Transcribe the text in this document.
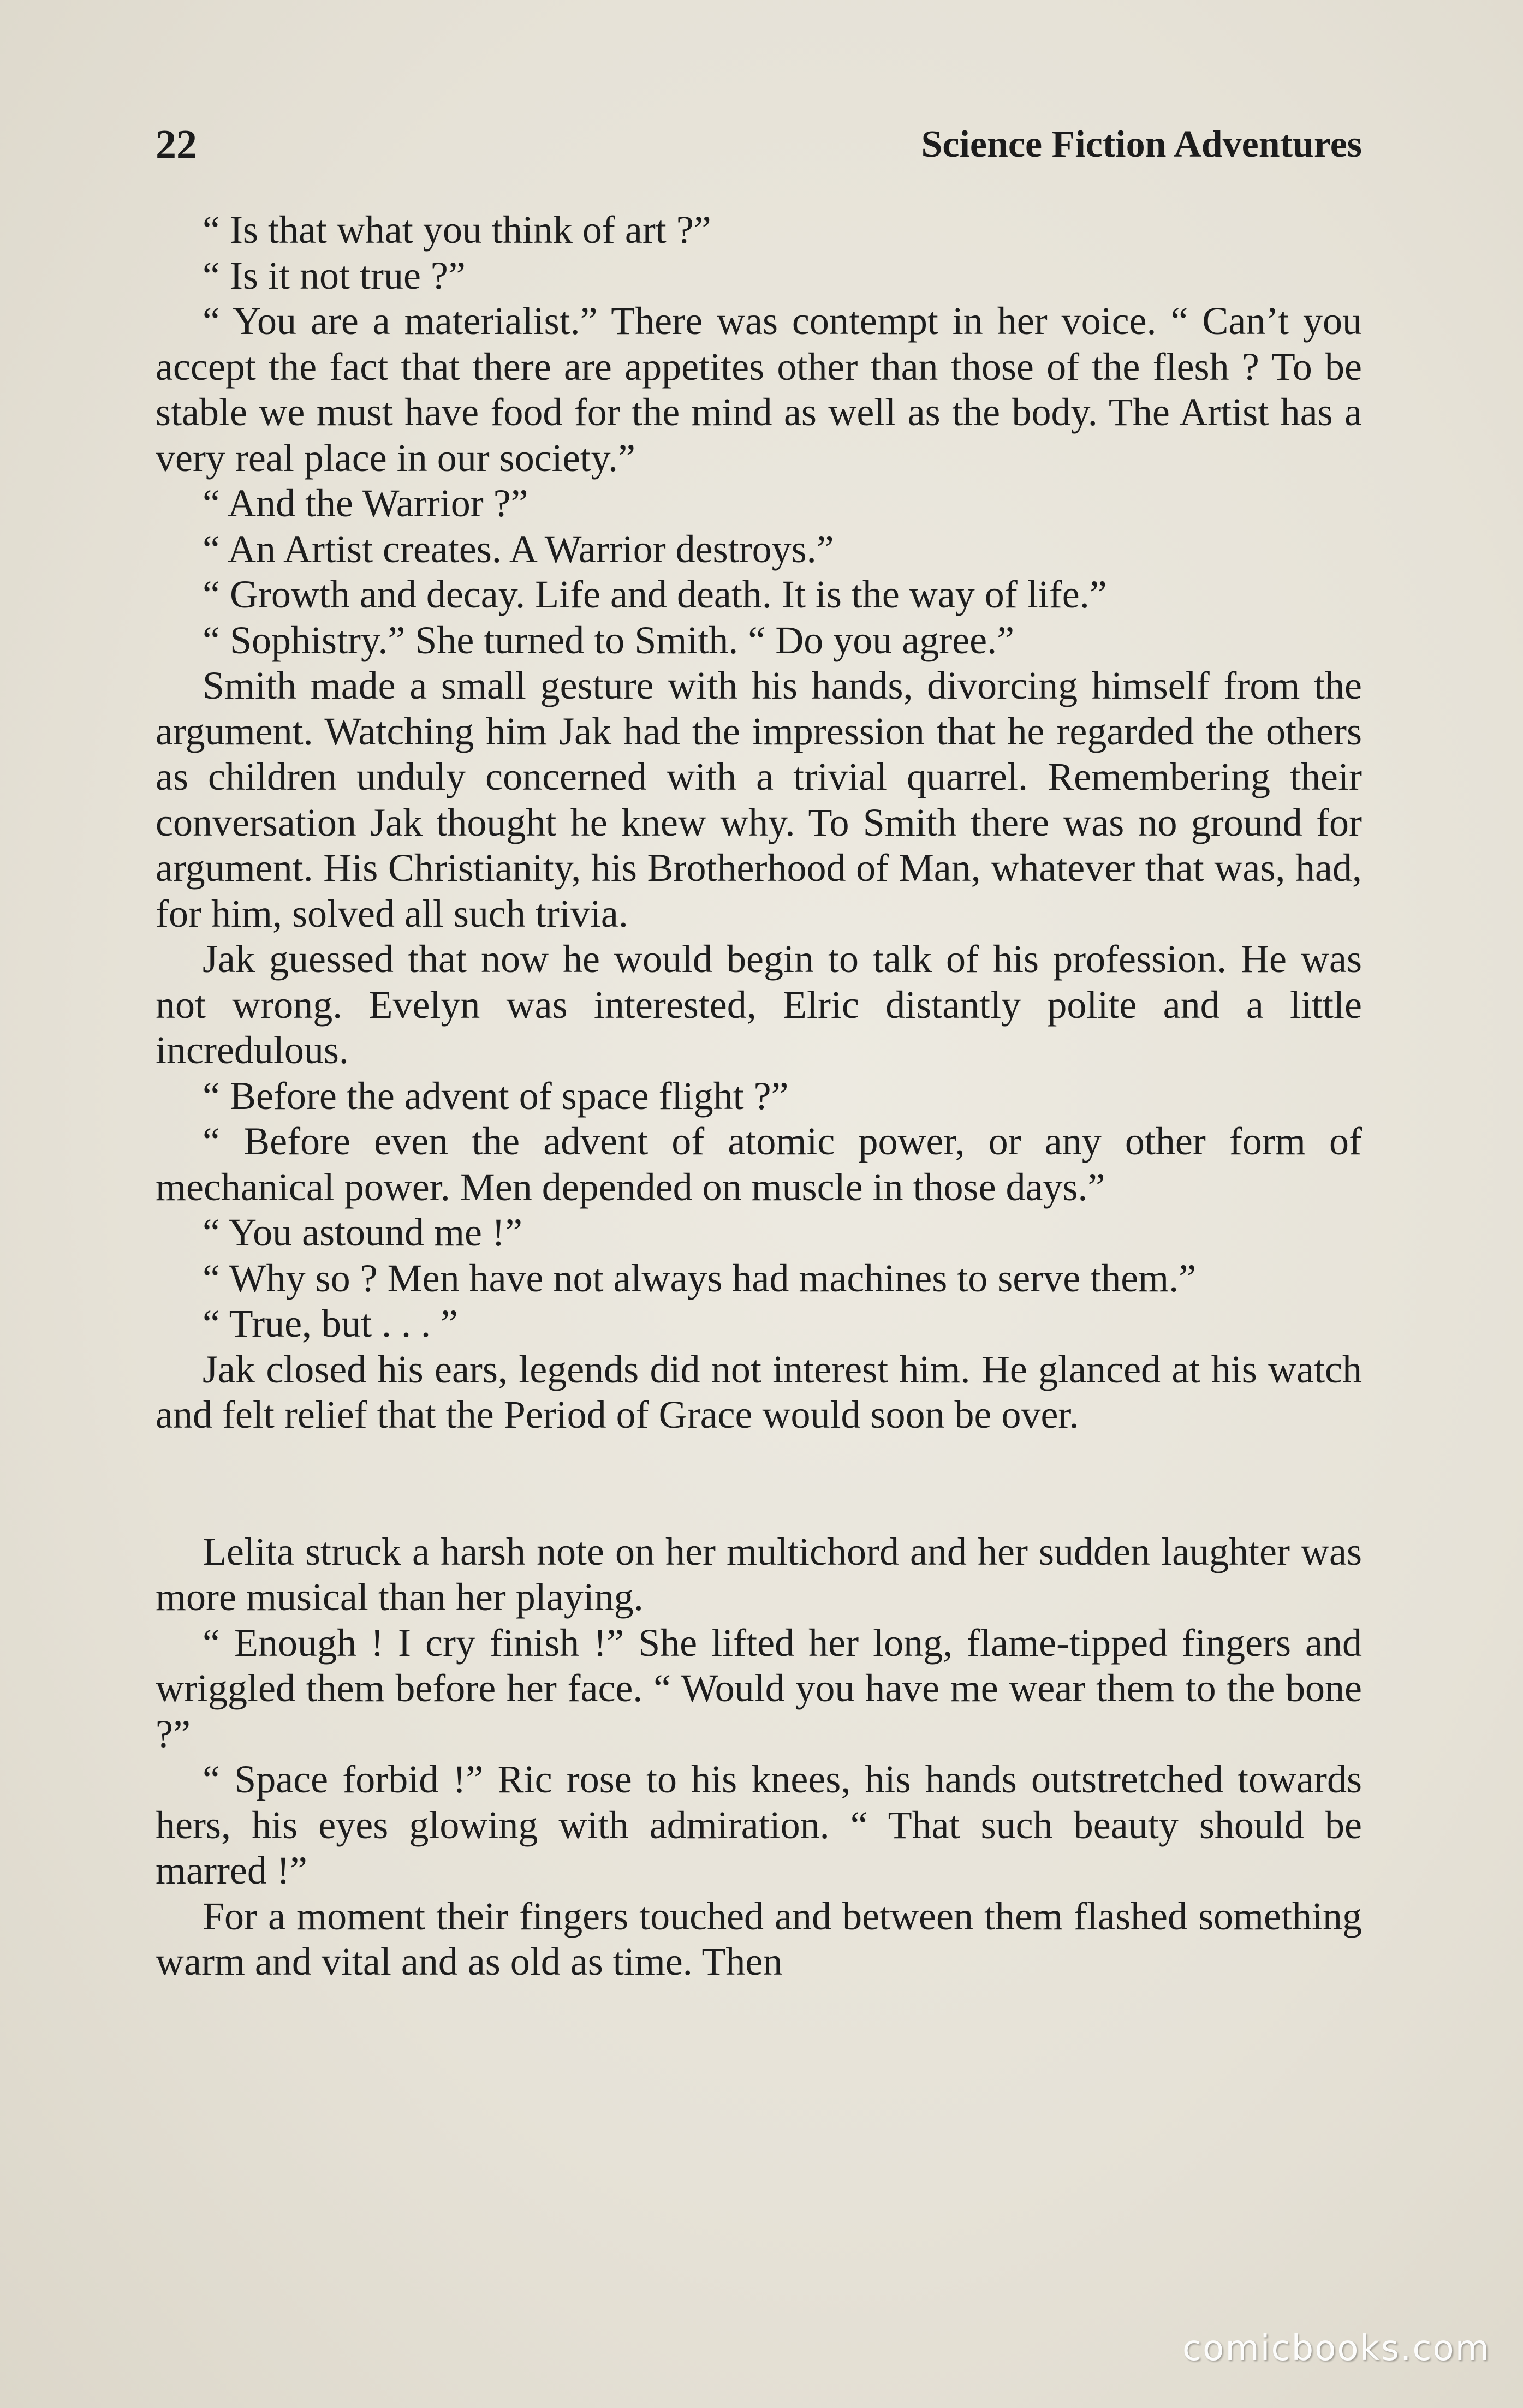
22	Science Fiction Adventures

“ Is that what you think of art ?”

“ Is it not true ?”

“ You are a materialist.” There was contempt in her voice. “ Can’t you accept the fact that there are appetites other than those of the flesh ? To be stable we must have food for the mind as well as the body. The Artist has a very real place in our society.”

“ And the Warrior ?”

“ An Artist creates. A Warrior destroys.”

“ Growth and decay. Life and death. It is the way of life.”

“ Sophistry.” She turned to Smith. “ Do you agree.”

Smith made a small gesture with his hands, divorcing himself from the argument. Watching him Jak had the impression that he regarded the others as children unduly concerned with a trivial quarrel. Remembering their conversation Jak thought he knew why. To Smith there was no ground for argument. His Christianity, his Brotherhood of Man, whatever that was, had, for him, solved all such trivia.

Jak guessed that now he would begin to talk of his profession. He was not wrong. Evelyn was interested, Elric distantly polite and a little incredulous.

“ Before the advent of space flight ?”

“ Before even the advent of atomic power, or any other form of mechanical power. Men depended on muscle in those days.”

“ You astound me !”

“ Why so ? Men have not always had machines to serve them.”

“ True, but . . . ”

Jak closed his ears, legends did not interest him. He glanced at his watch and felt relief that the Period of Grace would soon be over.

Lelita struck a harsh note on her multichord and her sudden laughter was more musical than her playing.

“ Enough ! I cry finish !” She lifted her long, flame-tipped fingers and wriggled them before her face. “ Would you have me wear them to the bone ?”

“ Space forbid !” Ric rose to his knees, his hands outstretched towards hers, his eyes glowing with admiration. “ That such beauty should be marred !”

For a moment their fingers touched and between them flashed something warm and vital and as old as time. Then

comicbooks.com
